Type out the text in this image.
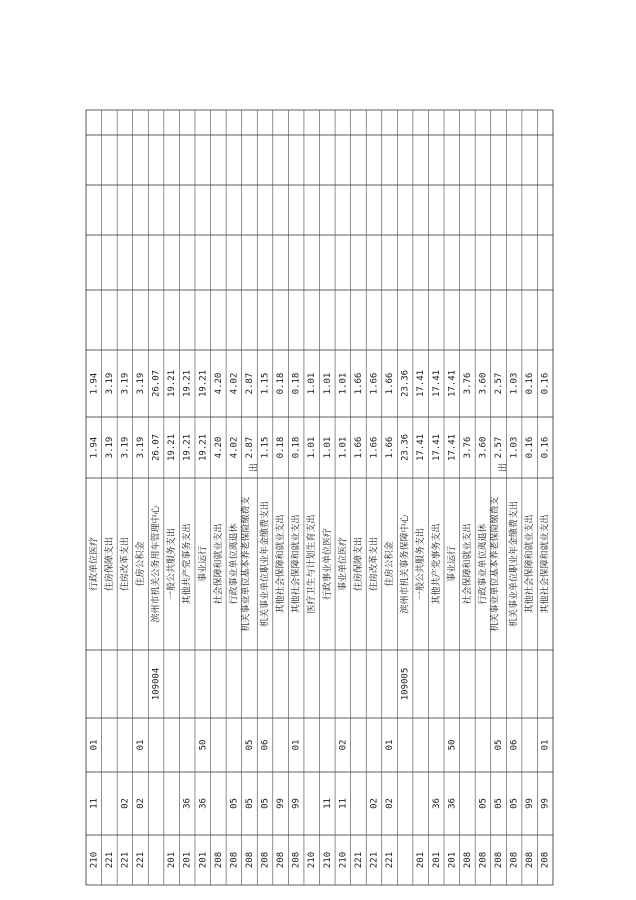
210
11
01
行政单位医疗
1.94
1.94
221
住房保障支出
3.19
3.19
221
02
住房改革支出
3.19
3.19
221
02
01
住房公积金
3.19
3.19
109004
滨州市机关公务用车管理中心
26.07
26.07
201
一般公共服务支出
19.21
19.21
201
36
其他共产党事务支出
19.21
19.21
201
36
50
事业运行
19.21
19.21
208
社会保障和就业支出
4.20
4.20
208
05
行政事业单位离退休
4.02
4.02
208
05
05
机关事业单位基本养老保险缴费支
出
2.87
2.87
208
05
06
机关事业单位职业年金缴费支出
1.15
1.15
208
99
其他社会保障和就业支出
0.18
0.18
208
99
01
其他社会保障和就业支出
0.18
0.18
210
医疗卫生与计划生育支出
1.01
1.01
210
11
行政事业单位医疗
1.01
1.01
210
11
02
事业单位医疗
1.01
1.01
221
住房保障支出
1.66
1.66
221
02
住房改革支出
1.66
1.66
221
02
01
住房公积金
1.66
1.66
109005
滨州市机关事务保障中心
23.36
23.36
201
一般公共服务支出
17.41
17.41
201
36
其他共产党事务支出
17.41
17.41
201
36
50
事业运行
17.41
17.41
208
社会保障和就业支出
3.76
3.76
208
05
行政事业单位离退休
3.60
3.60
208
05
05
机关事业单位基本养老保险缴费支
出
2.57
2.57
208
05
06
机关事业单位职业年金缴费支出
1.03
1.03
208
99
其他社会保障和就业支出
0.16
0.16
208
99
01
其他社会保障和就业支出
0.16
0.16
